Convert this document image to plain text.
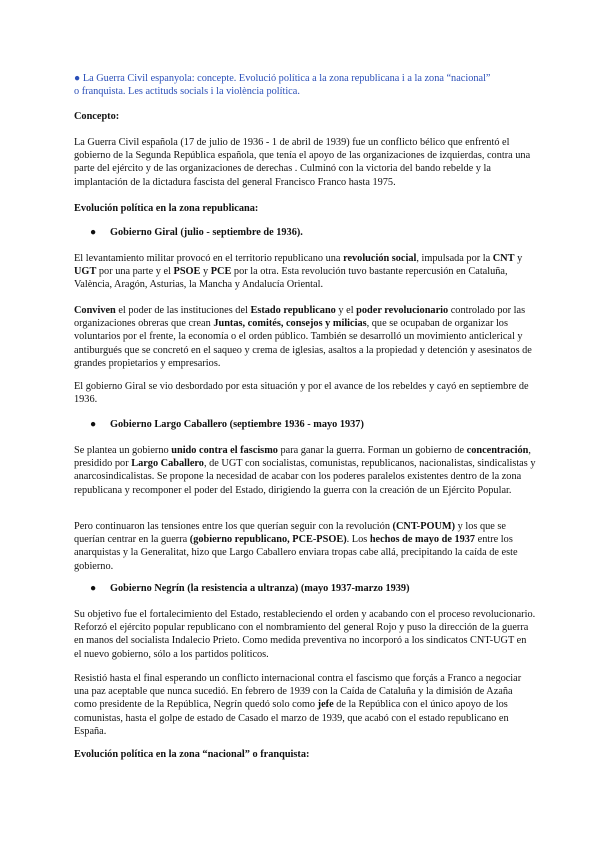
● La Guerra Civil espanyola: concepte. Evolució política a la zona republicana i a la zona “nacional”
o franquista. Les actituds socials i la violència política.

Concepto:

La Guerra Civil española (17 de julio de 1936 - 1 de abril de 1939) fue un conflicto bélico que enfrentó el gobierno de la Segunda República española, que tenía el apoyo de las organizaciones de izquierdas, contra una parte del ejército y de las organizaciones de derechas . Culminó con la victoria del bando rebelde y la implantación de la dictadura fascista del general Francisco Franco hasta 1975.

Evolución política en la zona republicana:

● Gobierno Giral (julio - septiembre de 1936).

El levantamiento militar provocó en el territorio republicano una revolución social, impulsada por la CNT y UGT por una parte y el PSOE y PCE por la otra. Esta revolución tuvo bastante repercusión en Cataluña, València, Aragón, Asturias, la Mancha y Andalucía Oriental.

Conviven el poder de las instituciones del Estado republicano y el poder revolucionario controlado por las organizaciones obreras que crean Juntas, comités, consejos y milicias, que se ocupaban de organizar los voluntarios por el frente, la economía o el orden público. También se desarrolló un movimiento anticlerical y antiburgués que se concretó en el saqueo y crema de iglesias, asaltos a la propiedad y detención y asesinatos de grandes propietarios y empresarios.

El gobierno Giral se vio desbordado por esta situación y por el avance de los rebeldes y cayó en septiembre de 1936.

● Gobierno Largo Caballero (septiembre 1936 - mayo 1937)

Se plantea un gobierno unido contra el fascismo para ganar la guerra. Forman un gobierno de concentración, presidido por Largo Caballero, de UGT con socialistas, comunistas, republicanos, nacionalistas, sindicalistas y anarcosindicalistas. Se propone la necesidad de acabar con los poderes paralelos existentes dentro de la zona republicana y recomponer el poder del Estado, dirigiendo la guerra con la creación de un Ejército Popular.

Pero continuaron las tensiones entre los que querían seguir con la revolución (CNT-POUM) y los que se querían centrar en la guerra (gobierno republicano, PCE-PSOE). Los hechos de mayo de 1937 entre los anarquistas y la Generalitat, hizo que Largo Caballero enviara tropas cabe allá, precipitando la caída de este gobierno.

● Gobierno Negrín (la resistencia a ultranza) (mayo 1937-marzo 1939)

Su objetivo fue el fortalecimiento del Estado, restableciendo el orden y acabando con el proceso revolucionario. Reforzó el ejército popular republicano con el nombramiento del general Rojo y puso la dirección de la guerra en manos del socialista Indalecio Prieto. Como medida preventiva no incorporó a los sindicatos CNT-UGT en el nuevo gobierno, sólo a los partidos políticos.

Resistió hasta el final esperando un conflicto internacional contra el fascismo que forçás a Franco a negociar una paz aceptable que nunca sucedió. En febrero de 1939 con la Caída de Cataluña y la dimisión de Azaña como presidente de la República, Negrín quedó solo como jefe de la República con el único apoyo de los comunistas, hasta el golpe de estado de Casado el marzo de 1939, que acabó con el estado republicano en España.

Evolución política en la zona “nacional” o franquista:
